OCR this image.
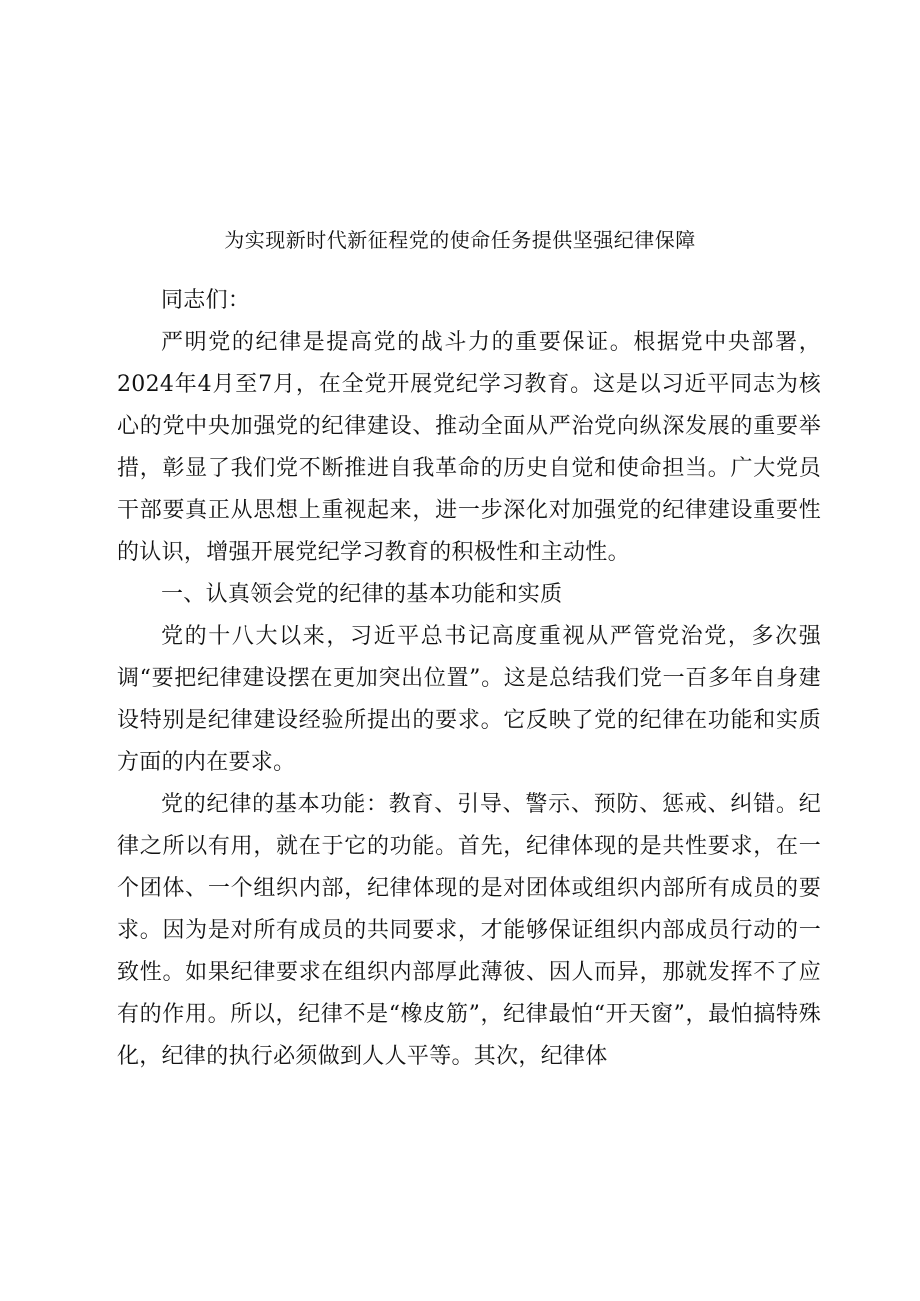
为实现新时代新征程党的使命任务提供坚强纪律保障

同志们：

严明党的纪律是提高党的战斗力的重要保证。根据党中央部署，2024年4月至7月，在全党开展党纪学习教育。这是以习近平同志为核心的党中央加强党的纪律建设、推动全面从严治党向纵深发展的重要举措，彰显了我们党不断推进自我革命的历史自觉和使命担当。广大党员干部要真正从思想上重视起来，进一步深化对加强党的纪律建设重要性的认识，增强开展党纪学习教育的积极性和主动性。

一、认真领会党的纪律的基本功能和实质

党的十八大以来，习近平总书记高度重视从严管党治党，多次强调“要把纪律建设摆在更加突出位置”。这是总结我们党一百多年自身建设特别是纪律建设经验所提出的要求。它反映了党的纪律在功能和实质方面的内在要求。

党的纪律的基本功能：教育、引导、警示、预防、惩戒、纠错。纪律之所以有用，就在于它的功能。首先，纪律体现的是共性要求，在一个团体、一个组织内部，纪律体现的是对团体或组织内部所有成员的要求。因为是对所有成员的共同要求，才能够保证组织内部成员行动的一致性。如果纪律要求在组织内部厚此薄彼、因人而异，那就发挥不了应有的作用。所以，纪律不是“橡皮筋”，纪律最怕“开天窗”，最怕搞特殊化，纪律的执行必须做到人人平等。其次，纪律体
